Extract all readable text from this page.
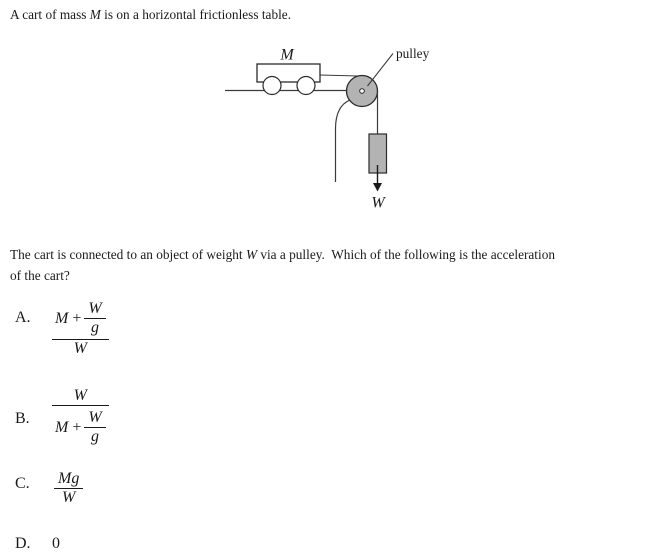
A cart of mass M is on a horizontal frictionless table.
M	pulley
W
The cart is connected to an object of weight W via a pulley.  Which of the following is the acceleration
of the cart?
A. $\frac{M + \frac{W}{g}}{W}$
B. $\frac{W}{M + \frac{W}{g}}$
C. $\frac{Mg}{W}$
D. 0
